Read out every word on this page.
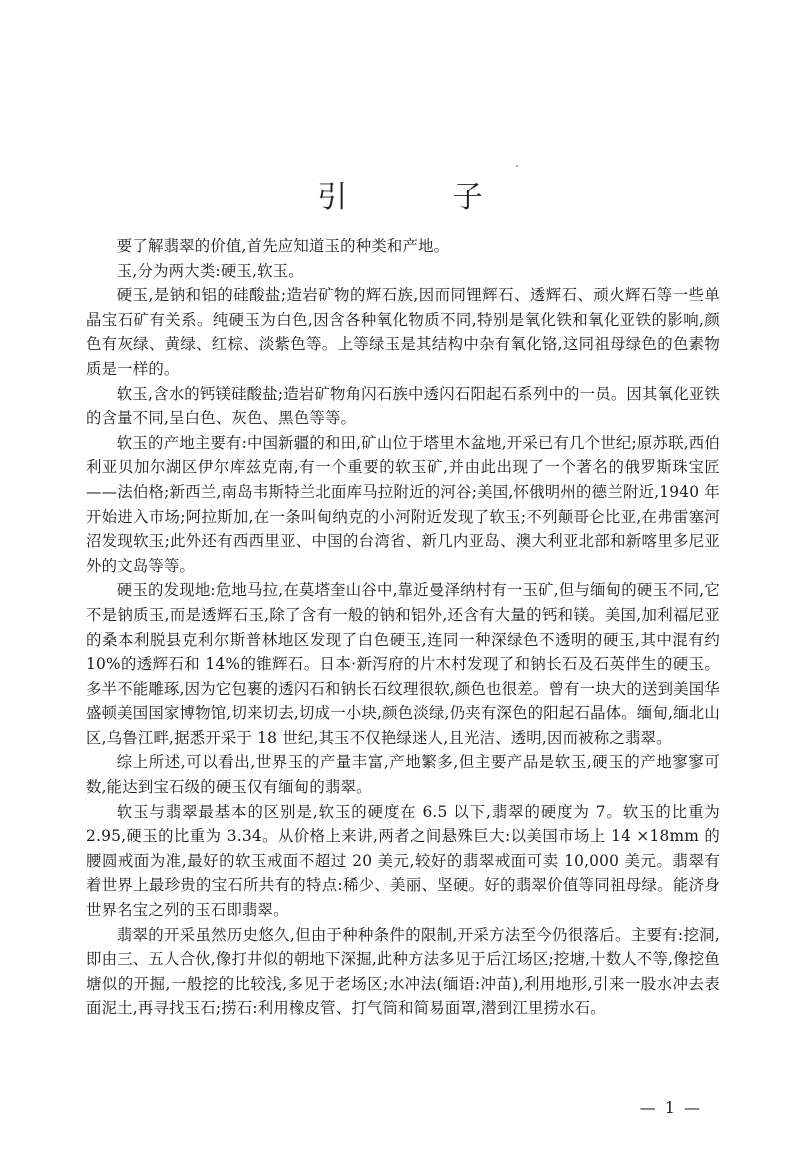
引 子

要了解翡翠的价值,首先应知道玉的种类和产地。

玉,分为两大类:硬玉,软玉。

硬玉,是钠和铝的硅酸盐;造岩矿物的辉石族,因而同锂辉石、透辉石、顽火辉石等一些单晶宝石矿有关系。纯硬玉为白色,因含各种氧化物质不同,特别是氧化铁和氧化亚铁的影响,颜色有灰绿、黄绿、红棕、淡紫色等。上等绿玉是其结构中杂有氧化铬,这同祖母绿色的色素物质是一样的。

软玉,含水的钙镁硅酸盐;造岩矿物角闪石族中透闪石阳起石系列中的一员。因其氧化亚铁的含量不同,呈白色、灰色、黑色等等。

软玉的产地主要有:中国新疆的和田,矿山位于塔里木盆地,开采已有几个世纪;原苏联,西伯利亚贝加尔湖区伊尔库兹克南,有一个重要的软玉矿,并由此出现了一个著名的俄罗斯珠宝匠——法伯格;新西兰,南岛韦斯特兰北面库马拉附近的河谷;美国,怀俄明州的德兰附近,1940 年开始进入市场;阿拉斯加,在一条叫甸纳克的小河附近发现了软玉;不列颠哥仑比亚,在弗雷塞河沼发现软玉;此外还有西西里亚、中国的台湾省、新几内亚岛、澳大利亚北部和新喀里多尼亚外的文岛等等。

硬玉的发现地:危地马拉,在莫塔奎山谷中,靠近曼泽纳村有一玉矿,但与缅甸的硬玉不同,它不是钠质玉,而是透辉石玉,除了含有一般的钠和铝外,还含有大量的钙和镁。美国,加利福尼亚的桑本利脱县克利尔斯普林地区发现了白色硬玉,连同一种深绿色不透明的硬玉,其中混有约 10%的透辉石和 14%的锥辉石。日本·新泻府的片木村发现了和钠长石及石英伴生的硬玉。多半不能雕琢,因为它包裹的透闪石和钠长石纹理很软,颜色也很差。曾有一块大的送到美国华盛顿美国国家博物馆,切来切去,切成一小块,颜色淡绿,仍夹有深色的阳起石晶体。缅甸,缅北山区,乌鲁江畔,据悉开采于 18 世纪,其玉不仅艳绿迷人,且光洁、透明,因而被称之翡翠。

综上所述,可以看出,世界玉的产量丰富,产地繁多,但主要产品是软玉,硬玉的产地寥寥可数,能达到宝石级的硬玉仅有缅甸的翡翠。

软玉与翡翠最基本的区别是,软玉的硬度在 6.5 以下,翡翠的硬度为 7。软玉的比重为 2.95,硬玉的比重为 3.34。从价格上来讲,两者之间悬殊巨大:以美国市场上 14 ×18mm 的腰圆戒面为准,最好的软玉戒面不超过 20 美元,较好的翡翠戒面可卖 10,000 美元。翡翠有着世界上最珍贵的宝石所共有的特点:稀少、美丽、坚硬。好的翡翠价值等同祖母绿。能济身世界名宝之列的玉石即翡翠。

翡翠的开采虽然历史悠久,但由于种种条件的限制,开采方法至今仍很落后。主要有:挖洞,即由三、五人合伙,像打井似的朝地下深掘,此种方法多见于后江场区;挖塘,十数人不等,像挖鱼塘似的开掘,一般挖的比较浅,多见于老场区;水冲法(缅语:冲苗),利用地形,引来一股水冲去表面泥土,再寻找玉石;捞石:利用橡皮管、打气筒和简易面罩,潜到江里捞水石。

— 1 —
